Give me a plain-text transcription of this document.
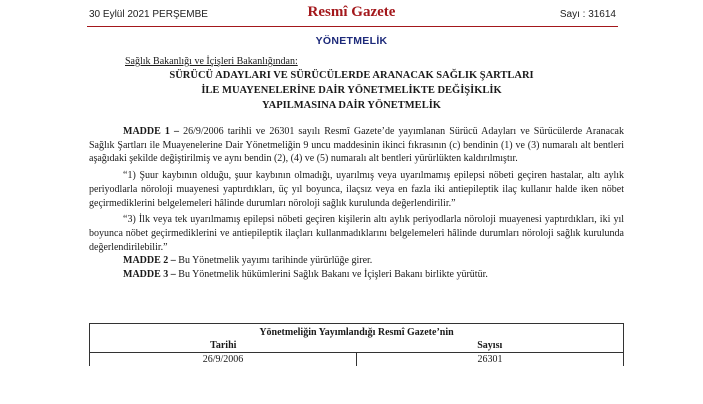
30 Eylül 2021 PERŞEMBE	Resmî Gazete	Sayı : 31614
YÖNETMELİK
Sağlık Bakanlığı ve İçişleri Bakanlığından:
SÜRÜCÜ ADAYLARI VE SÜRÜCÜLERDE ARANACAK SAĞLIK ŞARTLARI
İLE MUAYENELERİNE DAİR YÖNETMELİKTE DEĞİŞİKLİK
YAPILMASINA DAİR YÖNETMELİK

MADDE 1 – 26/9/2006 tarihli ve 26301 sayılı Resmî Gazete’de yayımlanan Sürücü Adayları ve Sürücülerde Aranacak Sağlık Şartları ile Muayenelerine Dair Yönetmeliğin 9 uncu maddesinin ikinci fıkrasının (c) bendinin (1) ve (3) numaralı alt bentleri aşağıdaki şekilde değiştirilmiş ve aynı bendin (2), (4) ve (5) numaralı alt bentleri yürürlükten kaldırılmıştır.

“1) Şuur kaybının olduğu, şuur kaybının olmadığı, uyarılmış veya uyarılmamış epilepsi nöbeti geçiren hastalar, altı aylık periyodlarla nöroloji muayenesi yaptırdıkları, üç yıl boyunca, ilaçsız veya en fazla iki antiepileptik ilaç kullanır halde iken nöbet geçirmediklerini belgelemeleri hâlinde durumları nöroloji sağlık kurulunda değerlendirilir.”

“3) İlk veya tek uyarılmamış epilepsi nöbeti geçiren kişilerin altı aylık periyodlarla nöroloji muayenesi yaptırdıkları, iki yıl boyunca nöbet geçirmediklerini ve antiepileptik ilaçları kullanmadıklarını belgelemeleri hâlinde durumları nöroloji sağlık kurulunda değerlendirilebilir.”

MADDE 2 – Bu Yönetmelik yayımı tarihinde yürürlüğe girer.

MADDE 3 – Bu Yönetmelik hükümlerini Sağlık Bakanı ve İçişleri Bakanı birlikte yürütür.

Yönetmeliğin Yayımlandığı Resmî Gazete’nin
Tarihi	Sayısı
26/9/2006	26301
